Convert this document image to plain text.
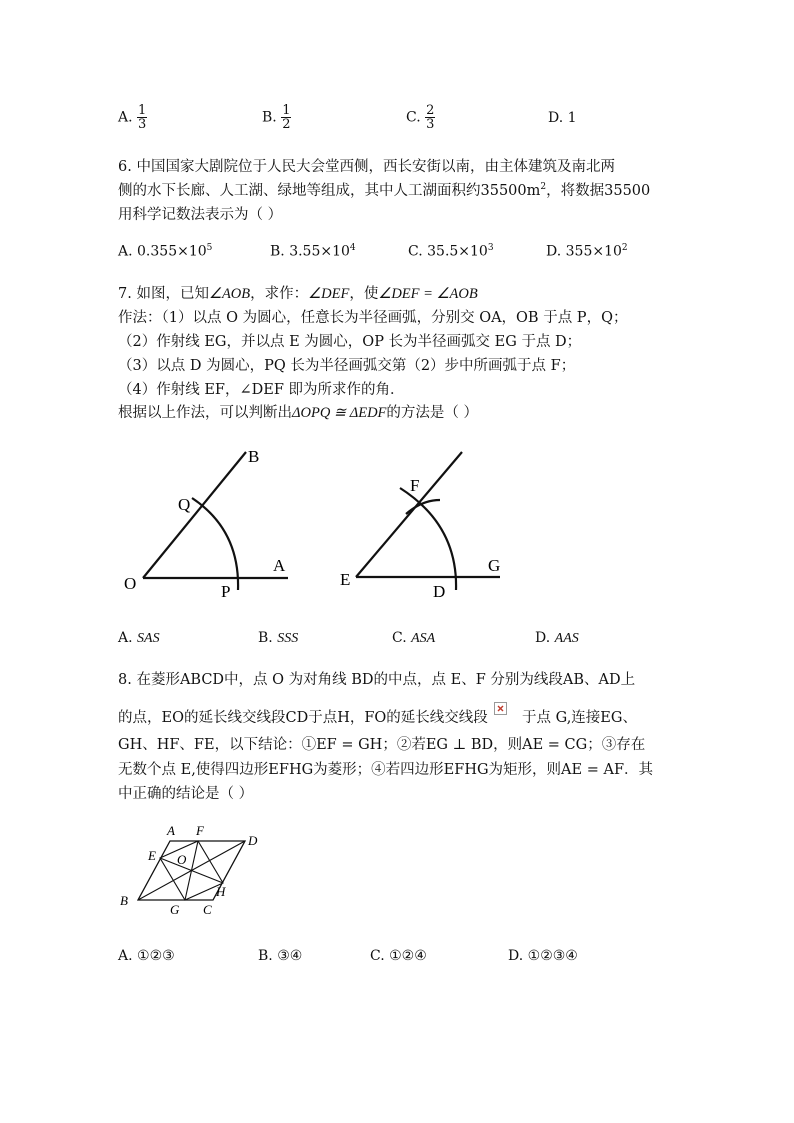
A. $\frac{1}{3}$	B. $\frac{1}{2}$	C. $\frac{2}{3}$	D. 1
6. 中国国家大剧院位于人民大会堂西侧，西长安街以南，由主体建筑及南北两
侧的水下长廊、人工湖、绿地等组成，其中人工湖面积约$35500m^2$，将数据35500
用科学记数法表示为（ ）
A. $0.355\times 10^5$	B. $3.55\times 10^4$	C. $35.5\times 10^3$	D. $355\times 10^2$
7. 如图，已知∠AOB，求作：∠DEF，使∠DEF = ∠AOB
作法：（1）以点 O 为圆心，任意长为半径画弧，分别交 OA，OB 于点 P，Q；
（2）作射线 EG，并以点 E 为圆心，OP 长为半径画弧交 EG 于点 D；
（3）以点 D 为圆心，PQ 长为半径画弧交第（2）步中所画弧于点 F；
（4）作射线 EF，∠DEF 即为所求作的角．
根据以上作法，可以判断出ΔOPQ ≅ ΔEDF的方法是（ ）
B
Q
O	P
A
F
E
D
G
A. SAS	B. SSS	C. ASA	D. AAS
8. 在菱形ABCD中，点 O 为对角线 BD的中点，点 E、F 分别为线段AB、AD上
的点，EO的延长线交线段CD于点H，FO的延长线交线段 于点 G,连接EG、
GH、HF、FE，以下结论：①EF = GH；②若EG ⊥ BD，则AE = CG；③存在
无数个点 E,使得四边形EFHG为菱形；④若四边形EFHG为矩形，则AE = AF．其
中正确的结论是（ ）
A F
D
E O
B
G
H
C
A. ①②③	B. ③④	C. ①②④	D. ①②③④
